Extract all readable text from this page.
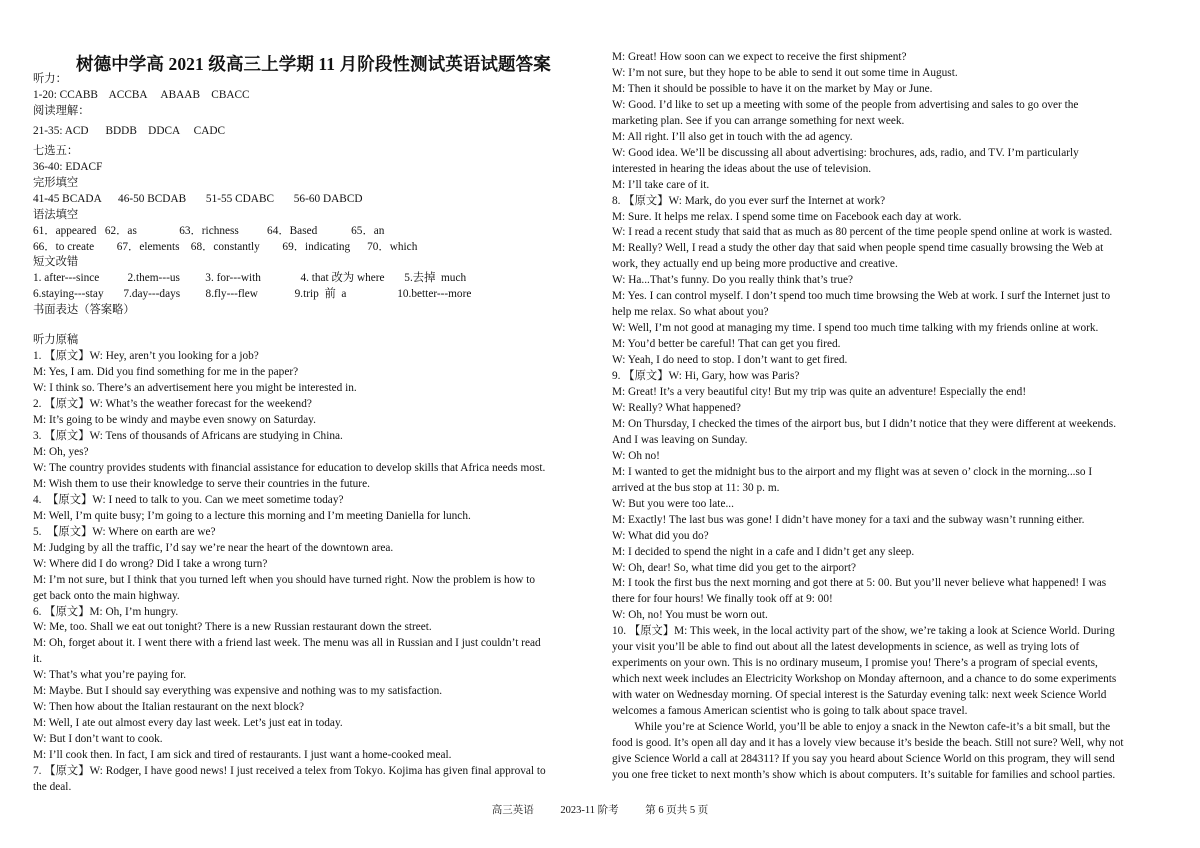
树德中学高 2021 级高三上学期 11 月阶段性测试英语试题答案
听力：
1-20: CCABB    ACCBA     ABAAB    CBACC
阅读理解：
21-35: ACD      BDDB    DDCA     CADC
七选五：
36-40: EDACF
完形填空
41-45 BCADA      46-50 BCDAB       51-55 CDABC       56-60 DABCD
语法填空
61．appeared   62．as               63．richness          64．Based            65．an
66．to create        67．elements    68．constantly        69．indicating      70．which
短文改错
1. after---since          2.them---us         3. for---with              4. that 改为 where       5.去掉  much
6.staying---stay       7.day---days         8.fly---flew             9.trip  前  a                  10.better---more
书面表达（答案略）
听力原稿
1. 【原文】W: Hey, aren’t you looking for a job?
M: Yes, I am. Did you find something for me in the paper?
W: I think so. There’s an advertisement here you might be interested in.
2. 【原文】W: What’s the weather forecast for the weekend?
M: It’s going to be windy and maybe even snowy on Saturday.
3. 【原文】W: Tens of thousands of Africans are studying in China.
M: Oh, yes?
W: The country provides students with financial assistance for education to develop skills that Africa needs most.
M: Wish them to use their knowledge to serve their countries in the future.
4.  【原文】W: I need to talk to you. Can we meet sometime today?
M: Well, I’m quite busy; I’m going to a lecture this morning and I’m meeting Daniella for lunch.
5.  【原文】W: Where on earth are we?
M: Judging by all the traffic, I’d say we’re near the heart of the downtown area.
W: Where did I do wrong? Did I take a wrong turn?
M: I’m not sure, but I think that you turned left when you should have turned right. Now the problem is how to
get back onto the main highway.
6. 【原文】M: Oh, I’m hungry.
W: Me, too. Shall we eat out tonight? There is a new Russian restaurant down the street.
M: Oh, forget about it. I went there with a friend last week. The menu was all in Russian and I just couldn’t read
it.
W: That’s what you’re paying for.
M: Maybe. But I should say everything was expensive and nothing was to my satisfaction.
W: Then how about the Italian restaurant on the next block?
M: Well, I ate out almost every day last week. Let’s just eat in today.
W: But I don’t want to cook.
M: I’ll cook then. In fact, I am sick and tired of restaurants. I just want a home-cooked meal.
7. 【原文】W: Rodger, I have good news! I just received a telex from Tokyo. Kojima has given final approval to
the deal.
M: Great! How soon can we expect to receive the first shipment?
W: I’m not sure, but they hope to be able to send it out some time in August.
M: Then it should be possible to have it on the market by May or June.
W: Good. I’d like to set up a meeting with some of the people from advertising and sales to go over the
marketing plan. See if you can arrange something for next week.
M: All right. I’ll also get in touch with the ad agency.
W: Good idea. We’ll be discussing all about advertising: brochures, ads, radio, and TV. I’m particularly
interested in hearing the ideas about the use of television.
M: I’ll take care of it.
8. 【原文】W: Mark, do you ever surf the Internet at work?
M: Sure. It helps me relax. I spend some time on Facebook each day at work.
W: I read a recent study that said that as much as 80 percent of the time people spend online at work is wasted.
M: Really? Well, I read a study the other day that said when people spend time casually browsing the Web at
work, they actually end up being more productive and creative.
W: Ha...That’s funny. Do you really think that’s true?
M: Yes. I can control myself. I don’t spend too much time browsing the Web at work. I surf the Internet just to
help me relax. So what about you?
W: Well, I’m not good at managing my time. I spend too much time talking with my friends online at work.
M: You’d better be careful! That can get you fired.
W: Yeah, I do need to stop. I don’t want to get fired.
9. 【原文】W: Hi, Gary, how was Paris?
M: Great! It’s a very beautiful city! But my trip was quite an adventure! Especially the end!
W: Really? What happened?
M: On Thursday, I checked the times of the airport bus, but I didn’t notice that they were different at weekends.
And I was leaving on Sunday.
W: Oh no!
M: I wanted to get the midnight bus to the airport and my flight was at seven o’ clock in the morning...so I
arrived at the bus stop at 11: 30 p. m.
W: But you were too late...
M: Exactly! The last bus was gone! I didn’t have money for a taxi and the subway wasn’t running either.
W: What did you do?
M: I decided to spend the night in a cafe and I didn’t get any sleep.
W: Oh, dear! So, what time did you get to the airport?
M: I took the first bus the next morning and got there at 5: 00. But you’ll never believe what happened! I was
there for four hours! We finally took off at 9: 00!
W: Oh, no! You must be worn out.
10. 【原文】M: This week, in the local activity part of the show, we’re taking a look at Science World. During
your visit you’ll be able to find out about all the latest developments in science, as well as trying lots of
experiments on your own. This is no ordinary museum, I promise you! There’s a program of special events,
which next week includes an Electricity Workshop on Monday afternoon, and a chance to do some experiments
with water on Wednesday morning. Of special interest is the Saturday evening talk: next week Science World
welcomes a famous American scientist who is going to talk about space travel.
While you’re at Science World, you’ll be able to enjoy a snack in the Newton cafe-it’s a bit small, but the
food is good. It’s open all day and it has a lovely view because it’s beside the beach. Still not sure? Well, why not
give Science World a call at 284311? If you say you heard about Science World on this program, they will send
you one free ticket to next month’s show which is about computers. It’s suitable for families and school parties.
高三英语	2023-11 阶考	第 6 页共 5 页
